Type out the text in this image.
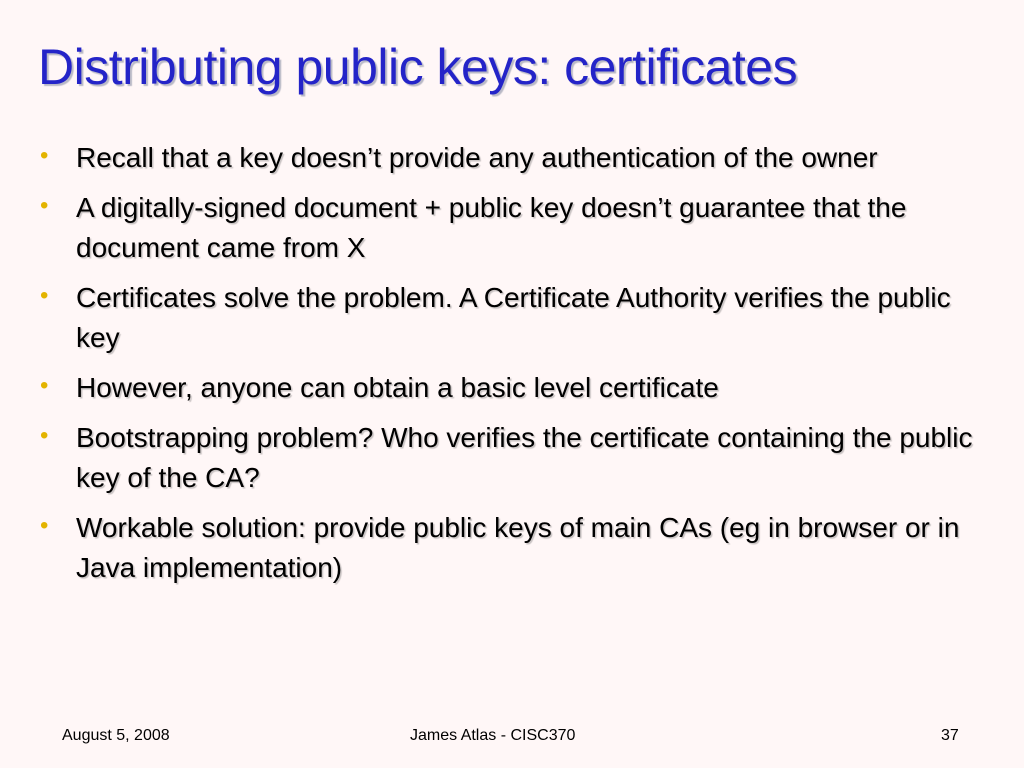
Distributing public keys: certificates
• Recall that a key doesn’t provide any authentication of the owner
• A digitally-signed document + public key doesn’t guarantee that the document came from X
• Certificates solve the problem. A Certificate Authority verifies the public key
• However, anyone can obtain a basic level certificate
• Bootstrapping problem? Who verifies the certificate containing the public key of the CA?
• Workable solution: provide public keys of main CAs (eg in browser or in Java implementation)
August 5, 2008	James Atlas - CISC370	37
